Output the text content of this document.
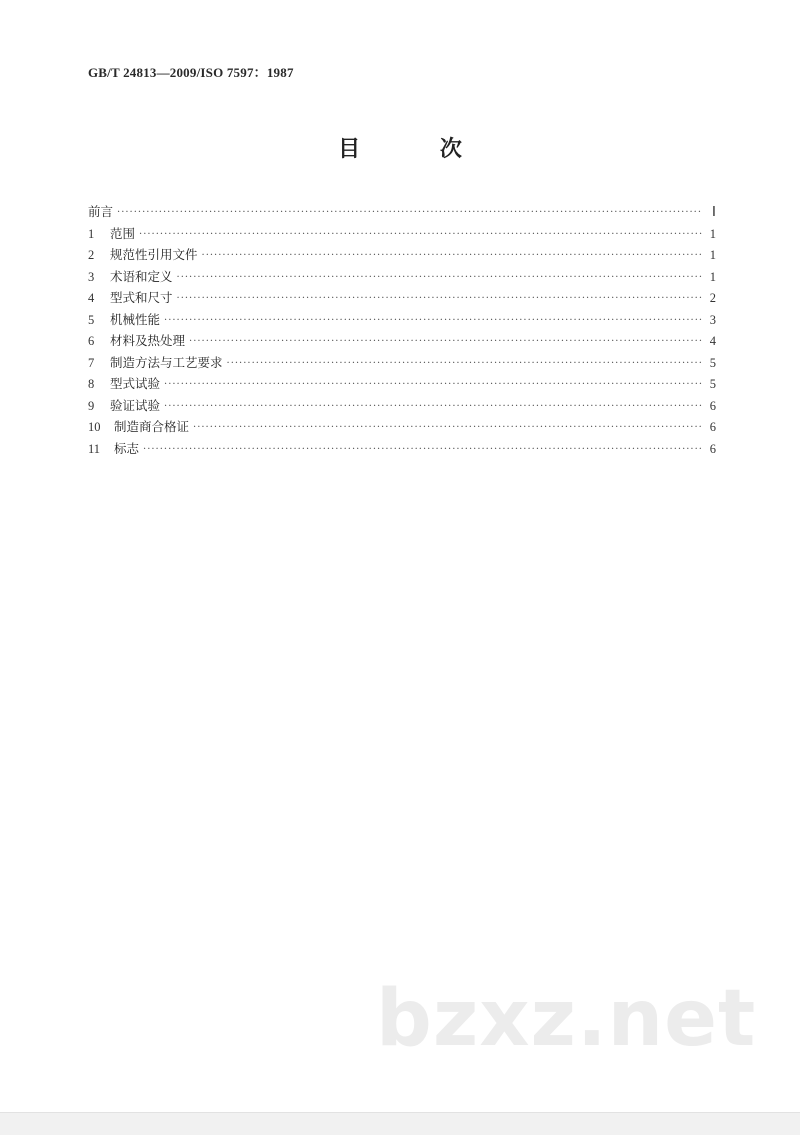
GB/T 24813—2009/ISO 7597：1987
目 次
前言 ·····	Ⅰ
1	范围 ·····	1
2	规范性引用文件 ·····	1
3	术语和定义 ·····	1
4	型式和尺寸 ·····	2
5	机械性能 ·····	3
6	材料及热处理 ·····	4
7	制造方法与工艺要求 ·····	5
8	型式试验 ·····	5
9	验证试验 ·····	6
10	制造商合格证 ·····	6
11	标志 ·····	6
bzxz.net
